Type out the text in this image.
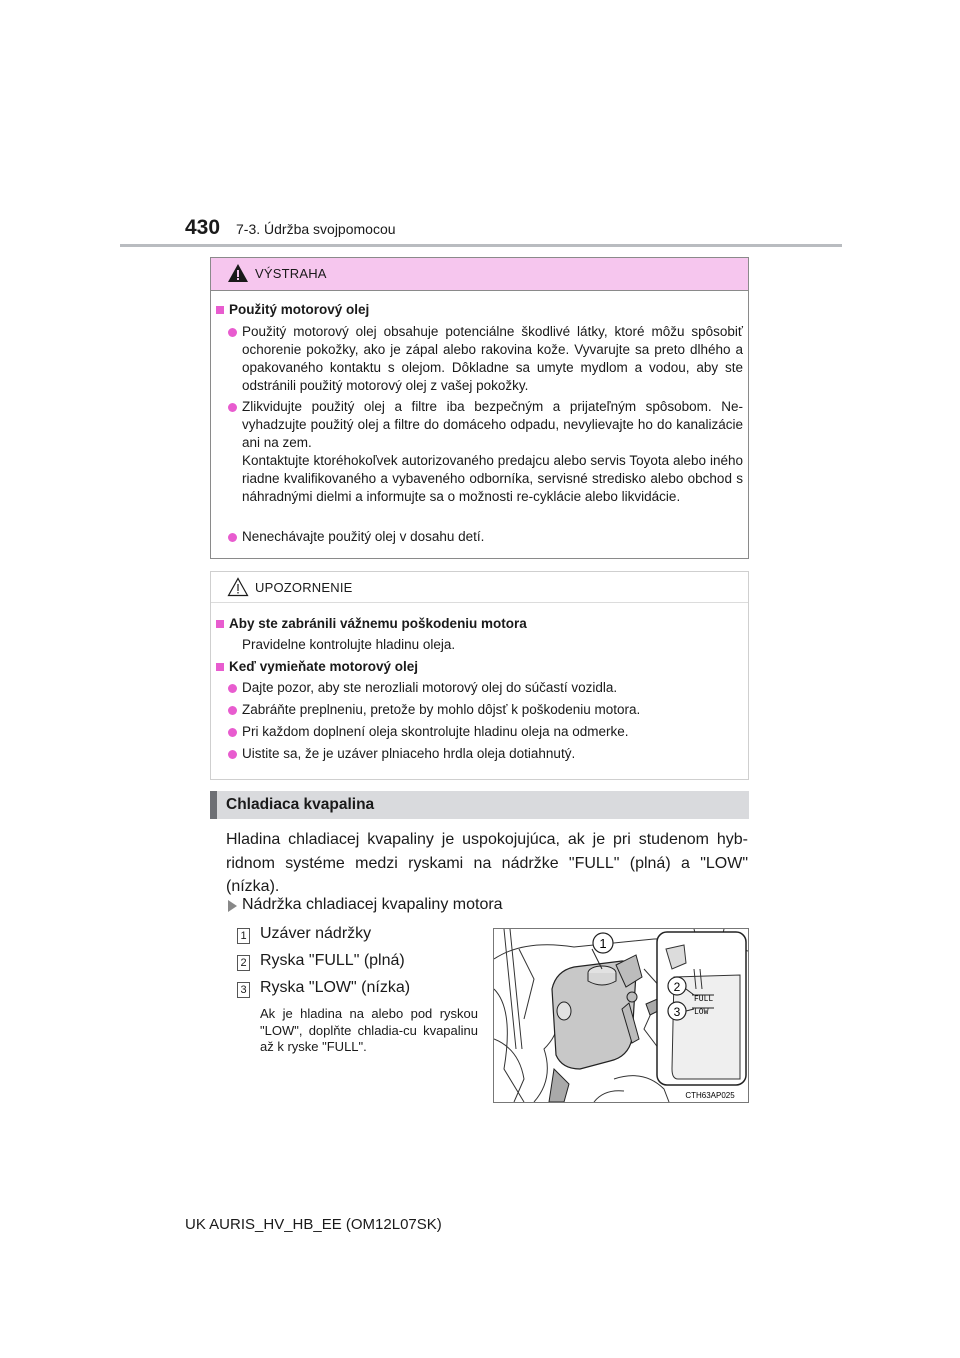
430 7-3. Údržba svojpomocou
VÝSTRAHA
Použitý motorový olej
Použitý motorový olej obsahuje potenciálne škodlivé látky, ktoré môžu spôsobiť ochorenie pokožky, ako je zápal alebo rakovina kože. Vyvarujte sa preto dlhého a opakovaného kontaktu s olejom. Dôkladne sa umyte mydlom a vodou, aby ste odstránili použitý motorový olej z vašej pokožky.
Zlikvidujte použitý olej a filtre iba bezpečným a prijateľným spôsobom. Ne-vyhadzujte použitý olej a filtre do domáceho odpadu, nevylievajte ho do kanalizácie ani na zem.
Kontaktujte ktoréhokoľvek autorizovaného predajcu alebo servis Toyota alebo iného riadne kvalifikovaného a vybaveného odborníka, servisné stredisko alebo obchod s náhradnými dielmi a informujte sa o možnosti re-cyklácie alebo likvidácie.
Nenechávajte použitý olej v dosahu detí.
UPOZORNENIE
Aby ste zabránili vážnemu poškodeniu motora
Pravidelne kontrolujte hladinu oleja.
Keď vymieňate motorový olej
Dajte pozor, aby ste nerozliali motorový olej do súčastí vozidla.
Zabráňte preplneniu, pretože by mohlo dôjsť k poškodeniu motora.
Pri každom doplnení oleja skontrolujte hladinu oleja na odmerke.
Uistite sa, že je uzáver plniaceho hrdla oleja dotiahnutý.
Chladiaca kvapalina
Hladina chladiacej kvapaliny je uspokojujúca, ak je pri studenom hyb-ridnom systéme medzi ryskami na nádržke "FULL" (plná) a "LOW" (nízka).
Nádržka chladiacej kvapaliny motora
1 Uzáver nádržky
2 Ryska "FULL" (plná)
3 Ryska "LOW" (nízka)
Ak je hladina na alebo pod ryskou "LOW", doplňte chladia-cu kvapalinu až k ryske "FULL".
1
FULL
LOW
2
3
CTH63AP025
UK AURIS_HV_HB_EE (OM12L07SK)
